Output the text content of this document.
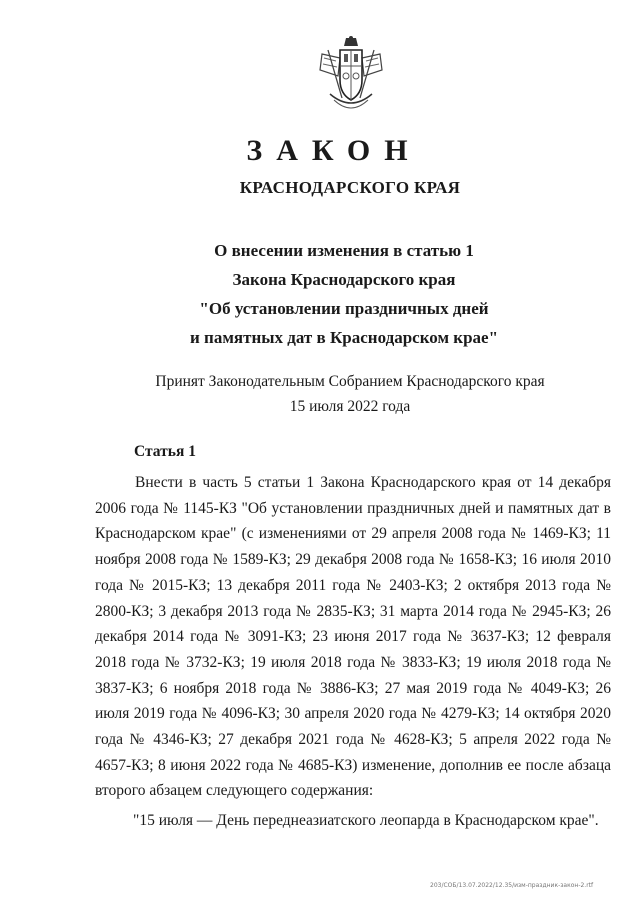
ЗАКОН
КРАСНОДАРСКОГО КРАЯ
О внесении изменения в статью 1
Закона Краснодарского края
"Об установлении праздничных дней
и памятных дат в Краснодарском крае"
Принят Законодательным Собранием Краснодарского края
15 июля 2022 года
Статья 1
Внести в часть 5 статьи 1 Закона Краснодарского края от 14 декабря 2006 года № 1145-КЗ "Об установлении праздничных дней и памятных дат в Краснодарском крае" (с изменениями от 29 апреля 2008 года № 1469-КЗ; 11 ноября 2008 года № 1589-КЗ; 29 декабря 2008 года № 1658-КЗ; 16 июля 2010 года № 2015-КЗ; 13 декабря 2011 года № 2403-КЗ; 2 октября 2013 года № 2800-КЗ; 3 декабря 2013 года № 2835-КЗ; 31 марта 2014 года № 2945-КЗ; 26 декабря 2014 года № 3091-КЗ; 23 июня 2017 года № 3637-КЗ; 12 февраля 2018 года № 3732-КЗ; 19 июля 2018 года № 3833-КЗ; 19 июля 2018 года № 3837-КЗ; 6 ноября 2018 года № 3886-КЗ; 27 мая 2019 года № 4049-КЗ; 26 июля 2019 года № 4096-КЗ; 30 апреля 2020 года № 4279-КЗ; 14 октября 2020 года № 4346-КЗ; 27 декабря 2021 года № 4628-КЗ; 5 апреля 2022 года № 4657-КЗ; 8 июня 2022 года № 4685-КЗ) изменение, дополнив ее после абзаца второго абзацем следующего содержания:
"15 июля — День переднеазиатского леопарда в Краснодарском крае".
203/СОБ/13.07.2022/12.35/изм-праздник-закон-2.rtf
